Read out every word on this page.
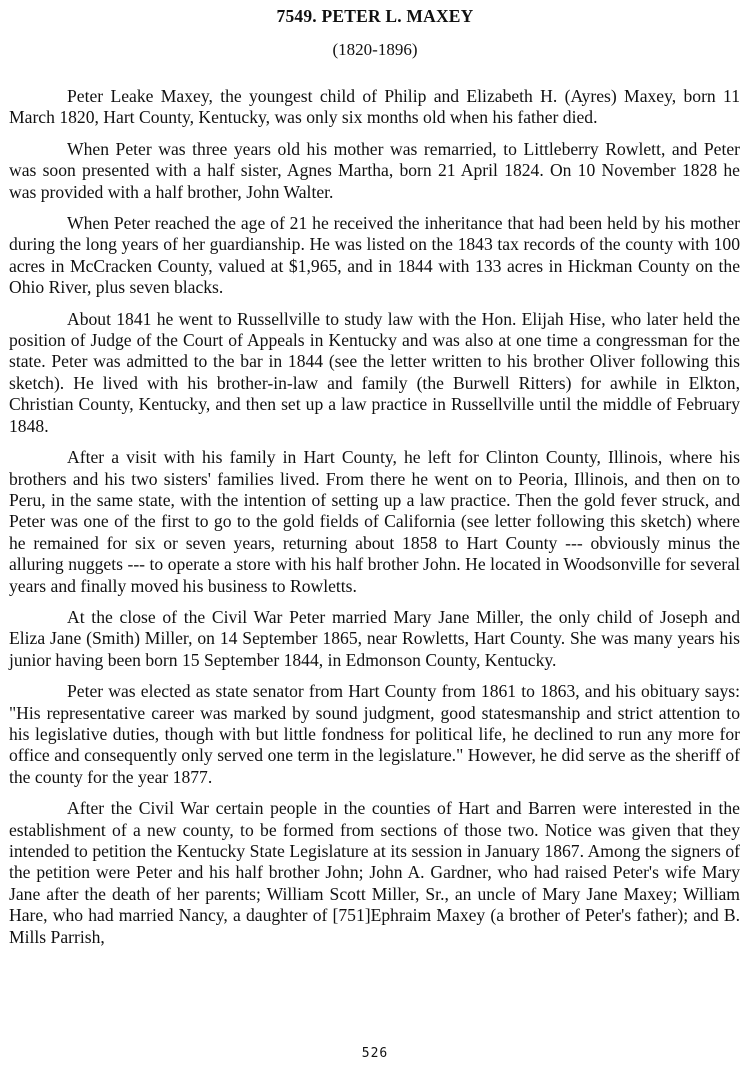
7549. PETER L. MAXEY
(1820-1896)

Peter Leake Maxey, the youngest child of Philip and Elizabeth H. (Ayres) Maxey, born 11 March 1820, Hart County, Kentucky, was only six months old when his father died.

When Peter was three years old his mother was remarried, to Littleberry Rowlett, and Peter was soon presented with a half sister, Agnes Martha, born 21 April 1824. On 10 November 1828 he was provided with a half brother, John Walter.

When Peter reached the age of 21 he received the inheritance that had been held by his mother during the long years of her guardianship. He was listed on the 1843 tax records of the county with 100 acres in McCracken County, valued at $1,965, and in 1844 with 133 acres in Hickman County on the Ohio River, plus seven blacks.

About 1841 he went to Russellville to study law with the Hon. Elijah Hise, who later held the position of Judge of the Court of Appeals in Kentucky and was also at one time a congressman for the state. Peter was admitted to the bar in 1844 (see the letter written to his brother Oliver following this sketch). He lived with his brother-in-law and family (the Burwell Ritters) for awhile in Elkton, Christian County, Kentucky, and then set up a law practice in Russellville until the middle of February 1848.

After a visit with his family in Hart County, he left for Clinton County, Illinois, where his brothers and his two sisters' families lived. From there he went on to Peoria, Illinois, and then on to Peru, in the same state, with the intention of setting up a law practice. Then the gold fever struck, and Peter was one of the first to go to the gold fields of California (see letter following this sketch) where he remained for six or seven years, returning about 1858 to Hart County --- obviously minus the alluring nuggets --- to operate a store with his half brother John. He located in Woodsonville for several years and finally moved his business to Rowletts.

At the close of the Civil War Peter married Mary Jane Miller, the only child of Joseph and Eliza Jane (Smith) Miller, on 14 September 1865, near Rowletts, Hart County. She was many years his junior having been born 15 September 1844, in Edmonson County, Kentucky.

Peter was elected as state senator from Hart County from 1861 to 1863, and his obituary says: "His representative career was marked by sound judgment, good statesmanship and strict attention to his legislative duties, though with but little fondness for political life, he declined to run any more for office and consequently only served one term in the legislature." However, he did serve as the sheriff of the county for the year 1877.

After the Civil War certain people in the counties of Hart and Barren were interested in the establishment of a new county, to be formed from sections of those two. Notice was given that they intended to petition the Kentucky State Legislature at its session in January 1867. Among the signers of the petition were Peter and his half brother John; John A. Gardner, who had raised Peter's wife Mary Jane after the death of her parents; William Scott Miller, Sr., an uncle of Mary Jane Maxey; William Hare, who had married Nancy, a daughter of [751]Ephraim Maxey (a brother of Peter's father); and B. Mills Parrish,

526
